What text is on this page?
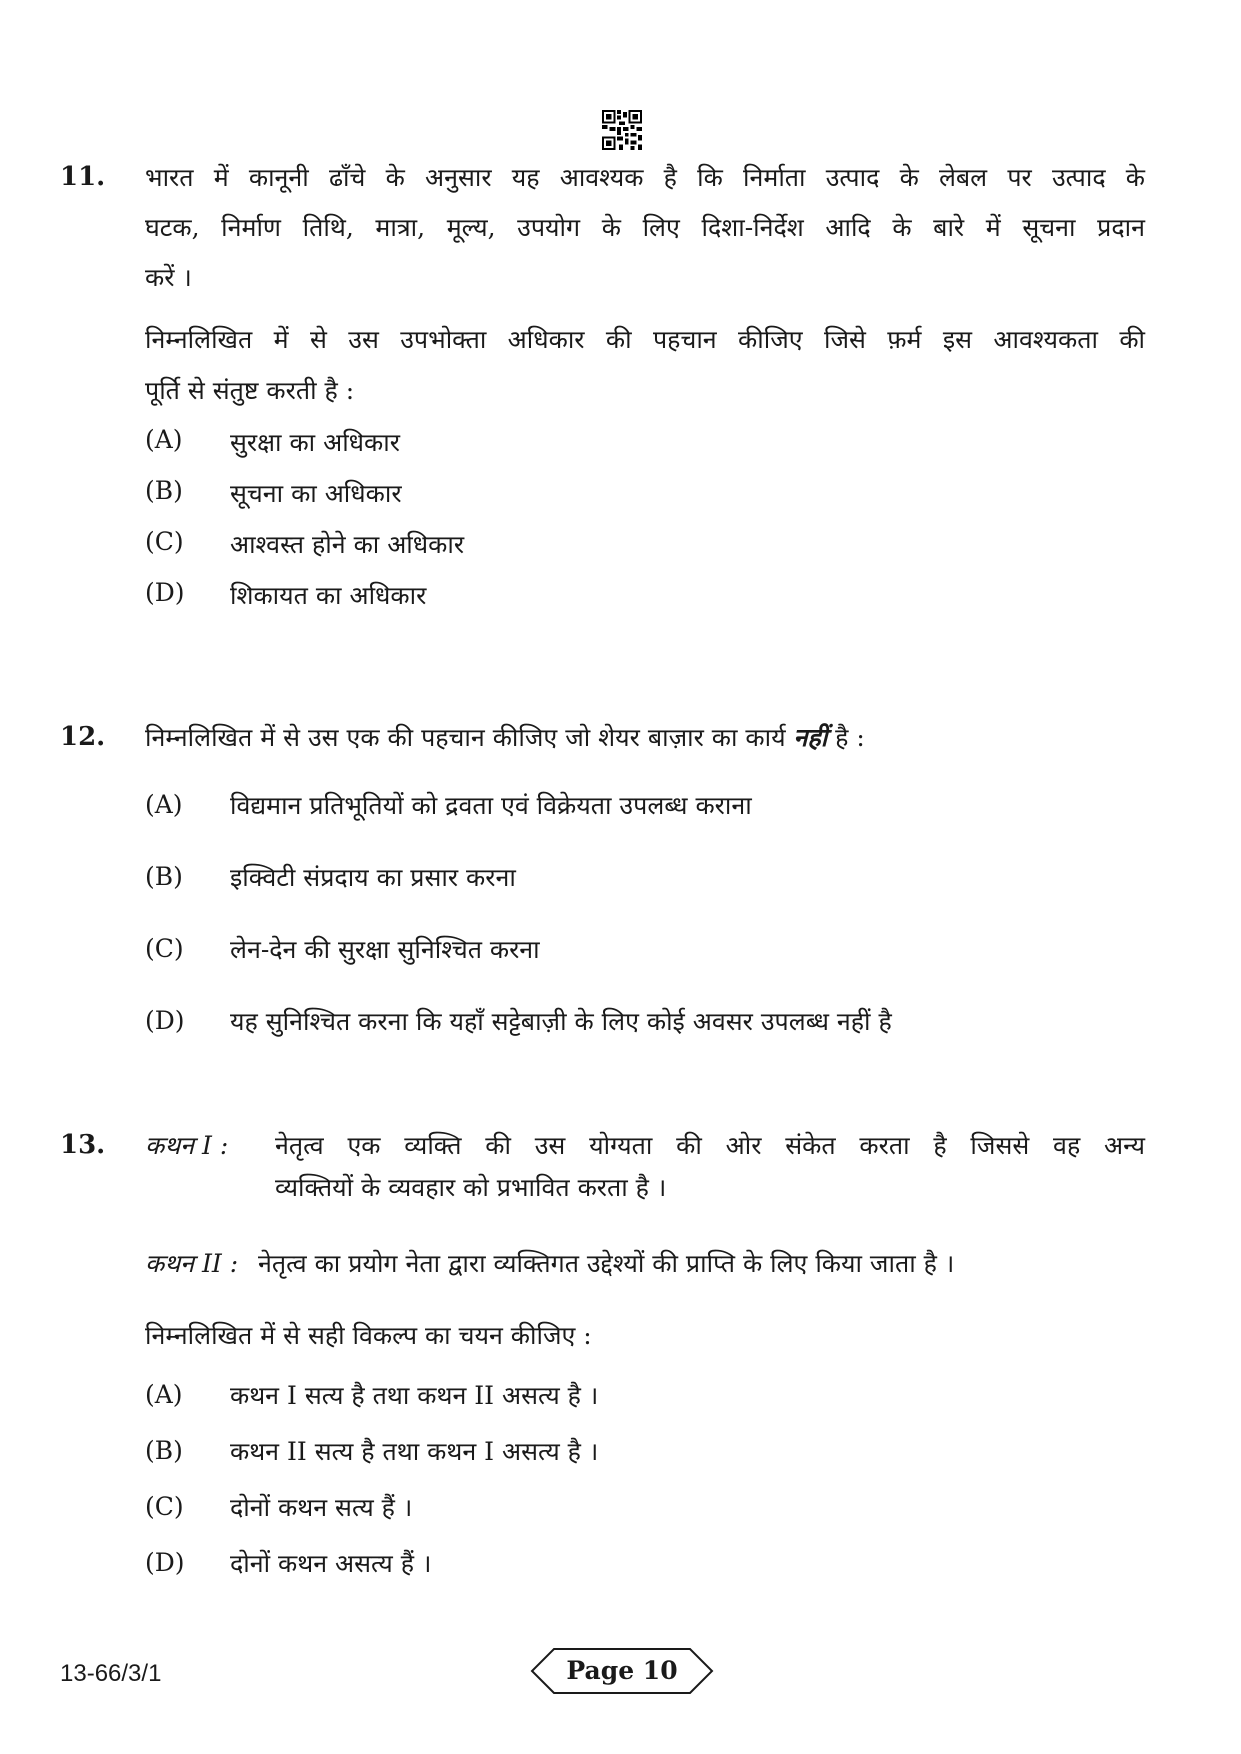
11. भारत में कानूनी ढाँचे के अनुसार यह आवश्यक है कि निर्माता उत्पाद के लेबल पर उत्पाद के
घटक, निर्माण तिथि, मात्रा, मूल्य, उपयोग के लिए दिशा-निर्देश आदि के बारे में सूचना प्रदान
करें ।
निम्नलिखित में से उस उपभोक्ता अधिकार की पहचान कीजिए जिसे फ़र्म इस आवश्यकता की
पूर्ति से संतुष्ट करती है :
(A) सुरक्षा का अधिकार
(B) सूचना का अधिकार
(C) आश्वस्त होने का अधिकार
(D) शिकायत का अधिकार
12. निम्नलिखित में से उस एक की पहचान कीजिए जो शेयर बाज़ार का कार्य नहीं है :
(A) विद्यमान प्रतिभूतियों को द्रवता एवं विक्रेयता उपलब्ध कराना
(B) इक्विटी संप्रदाय का प्रसार करना
(C) लेन-देन की सुरक्षा सुनिश्चित करना
(D) यह सुनिश्चित करना कि यहाँ सट्टेबाज़ी के लिए कोई अवसर उपलब्ध नहीं है
13. कथन I : नेतृत्व एक व्यक्ति की उस योग्यता की ओर संकेत करता है जिससे वह अन्य
व्यक्तियों के व्यवहार को प्रभावित करता है ।
कथन II : नेतृत्व का प्रयोग नेता द्वारा व्यक्तिगत उद्देश्यों की प्राप्ति के लिए किया जाता है ।
निम्नलिखित में से सही विकल्प का चयन कीजिए :
(A) कथन I सत्य है तथा कथन II असत्य है ।
(B) कथन II सत्य है तथा कथन I असत्य है ।
(C) दोनों कथन सत्य हैं ।
(D) दोनों कथन असत्य हैं ।
13-66/3/1	Page 10
